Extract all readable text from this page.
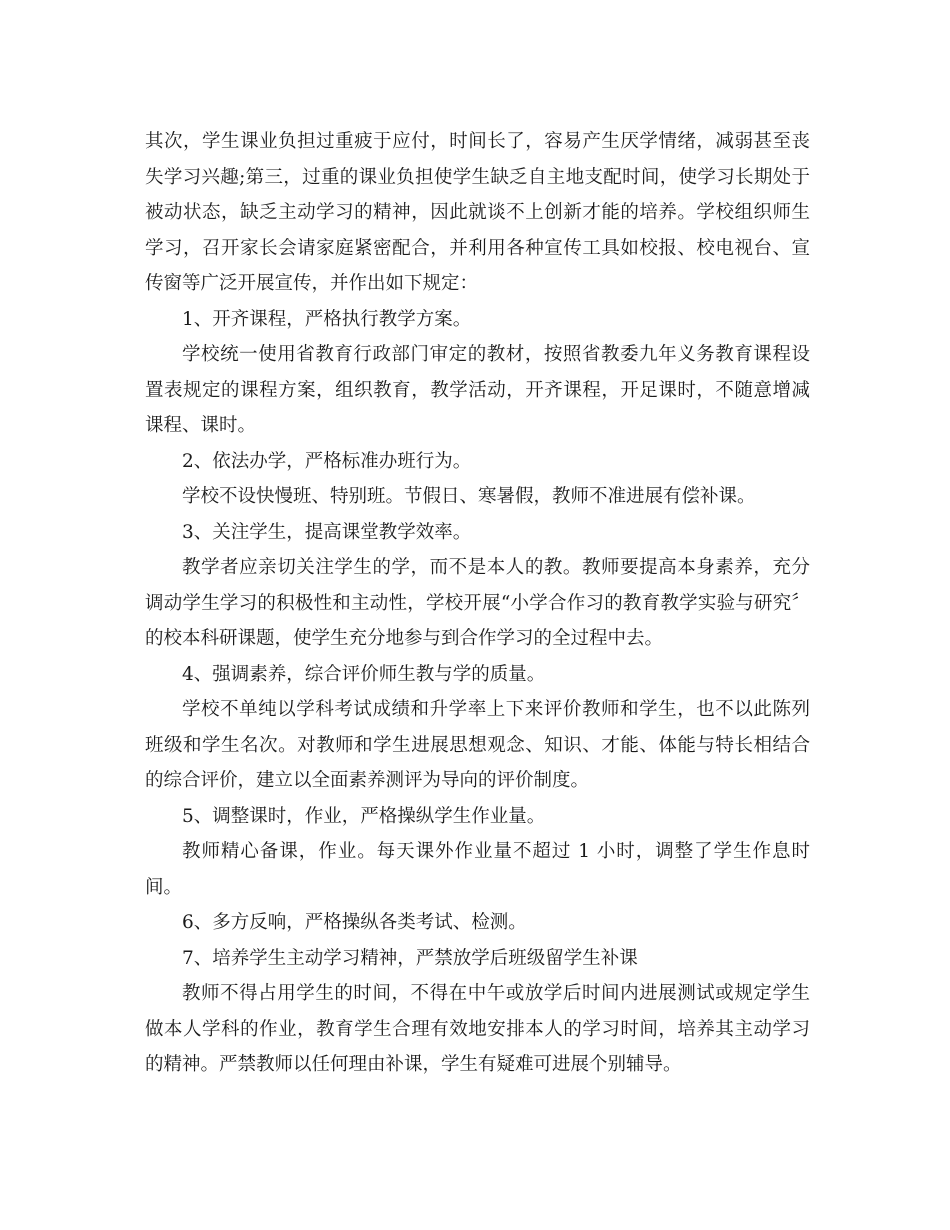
其次，学生课业负担过重疲于应付，时间长了，容易产生厌学情绪，减弱甚至丧失学习兴趣;第三，过重的课业负担使学生缺乏自主地支配时间，使学习长期处于被动状态，缺乏主动学习的精神，因此就谈不上创新才能的培养。学校组织师生学习，召开家长会请家庭紧密配合，并利用各种宣传工具如校报、校电视台、宣传窗等广泛开展宣传，并作出如下规定：

1、开齐课程，严格执行教学方案。

学校统一使用省教育行政部门审定的教材，按照省教委九年义务教育课程设置表规定的课程方案，组织教育，教学活动，开齐课程，开足课时，不随意增减课程、课时。

2、依法办学，严格标准办班行为。

学校不设快慢班、特别班。节假日、寒暑假，教师不准进展有偿补课。

3、关注学生，提高课堂教学效率。

教学者应亲切关注学生的学，而不是本人的教。教师要提高本身素养，充分调动学生学习的积极性和主动性，学校开展“小学合作习的教育教学实验与研究〞的校本科研课题，使学生充分地参与到合作学习的全过程中去。

4、强调素养，综合评价师生教与学的质量。

学校不单纯以学科考试成绩和升学率上下来评价教师和学生，也不以此陈列班级和学生名次。对教师和学生进展思想观念、知识、才能、体能与特长相结合的综合评价，建立以全面素养测评为导向的评价制度。

5、调整课时，作业，严格操纵学生作业量。

教师精心备课，作业。每天课外作业量不超过 1 小时，调整了学生作息时间。

6、多方反响，严格操纵各类考试、检测。

7、培养学生主动学习精神，严禁放学后班级留学生补课

教师不得占用学生的时间，不得在中午或放学后时间内进展测试或规定学生做本人学科的作业，教育学生合理有效地安排本人的学习时间，培养其主动学习的精神。严禁教师以任何理由补课，学生有疑难可进展个别辅导。
